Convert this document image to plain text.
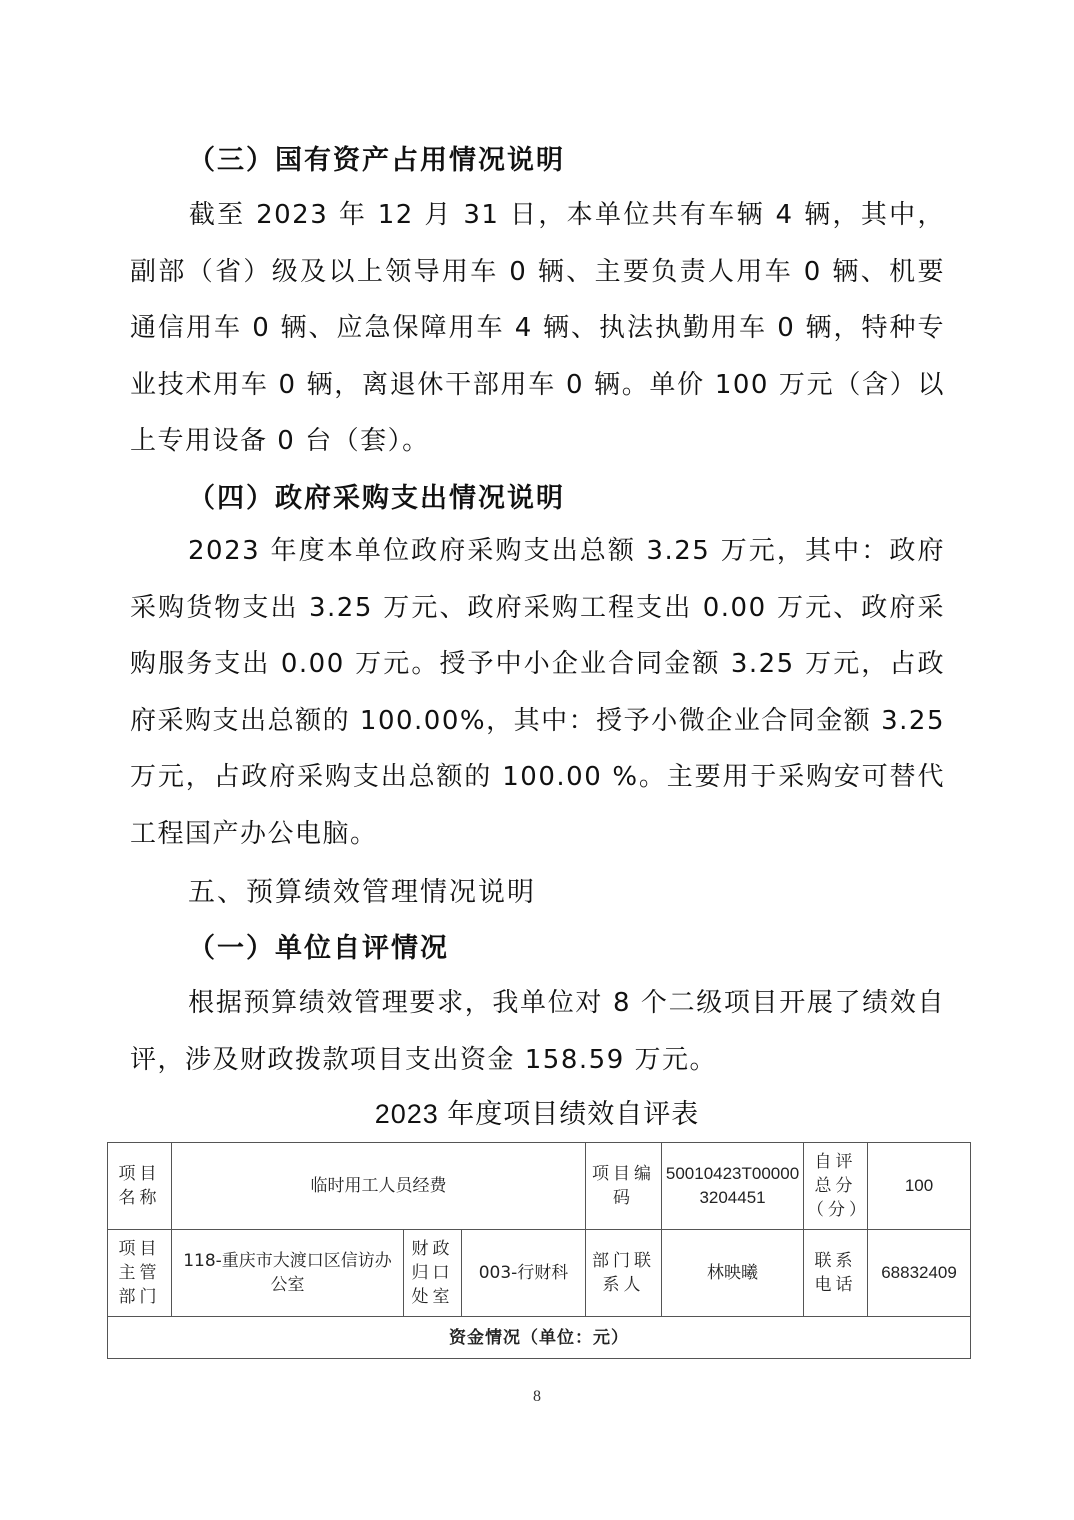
（三）国有资产占用情况说明
截至 2023 年 12 月 31 日，本单位共有车辆 4 辆，其中，副部（省）级及以上领导用车 0 辆、主要负责人用车 0 辆、机要通信用车 0 辆、应急保障用车 4 辆、执法执勤用车 0 辆，特种专业技术用车 0 辆，离退休干部用车 0 辆。单价 100 万元（含）以上专用设备 0 台（套）。
（四）政府采购支出情况说明
2023 年度本单位政府采购支出总额 3.25 万元，其中：政府采购货物支出 3.25 万元、政府采购工程支出 0.00 万元、政府采购服务支出 0.00 万元。授予中小企业合同金额 3.25 万元，占政府采购支出总额的 100.00%，其中：授予小微企业合同金额 3.25 万元，占政府采购支出总额的 100.00 %。主要用于采购安可替代工程国产办公电脑。
五、预算绩效管理情况说明
（一）单位自评情况
根据预算绩效管理要求，我单位对 8 个二级项目开展了绩效自评，涉及财政拨款项目支出资金 158.59 万元。
2023 年度项目绩效自评表
项目名称	临时用工人员经费			项目编码	50010423T000003204451	自评总分（分）	100
项目主管部门	118-重庆市大渡口区信访办公室	财政归口处室	003-行财科	部门联系人	林映曦	联系电话	68832409
资金情况（单位：元）							
8
